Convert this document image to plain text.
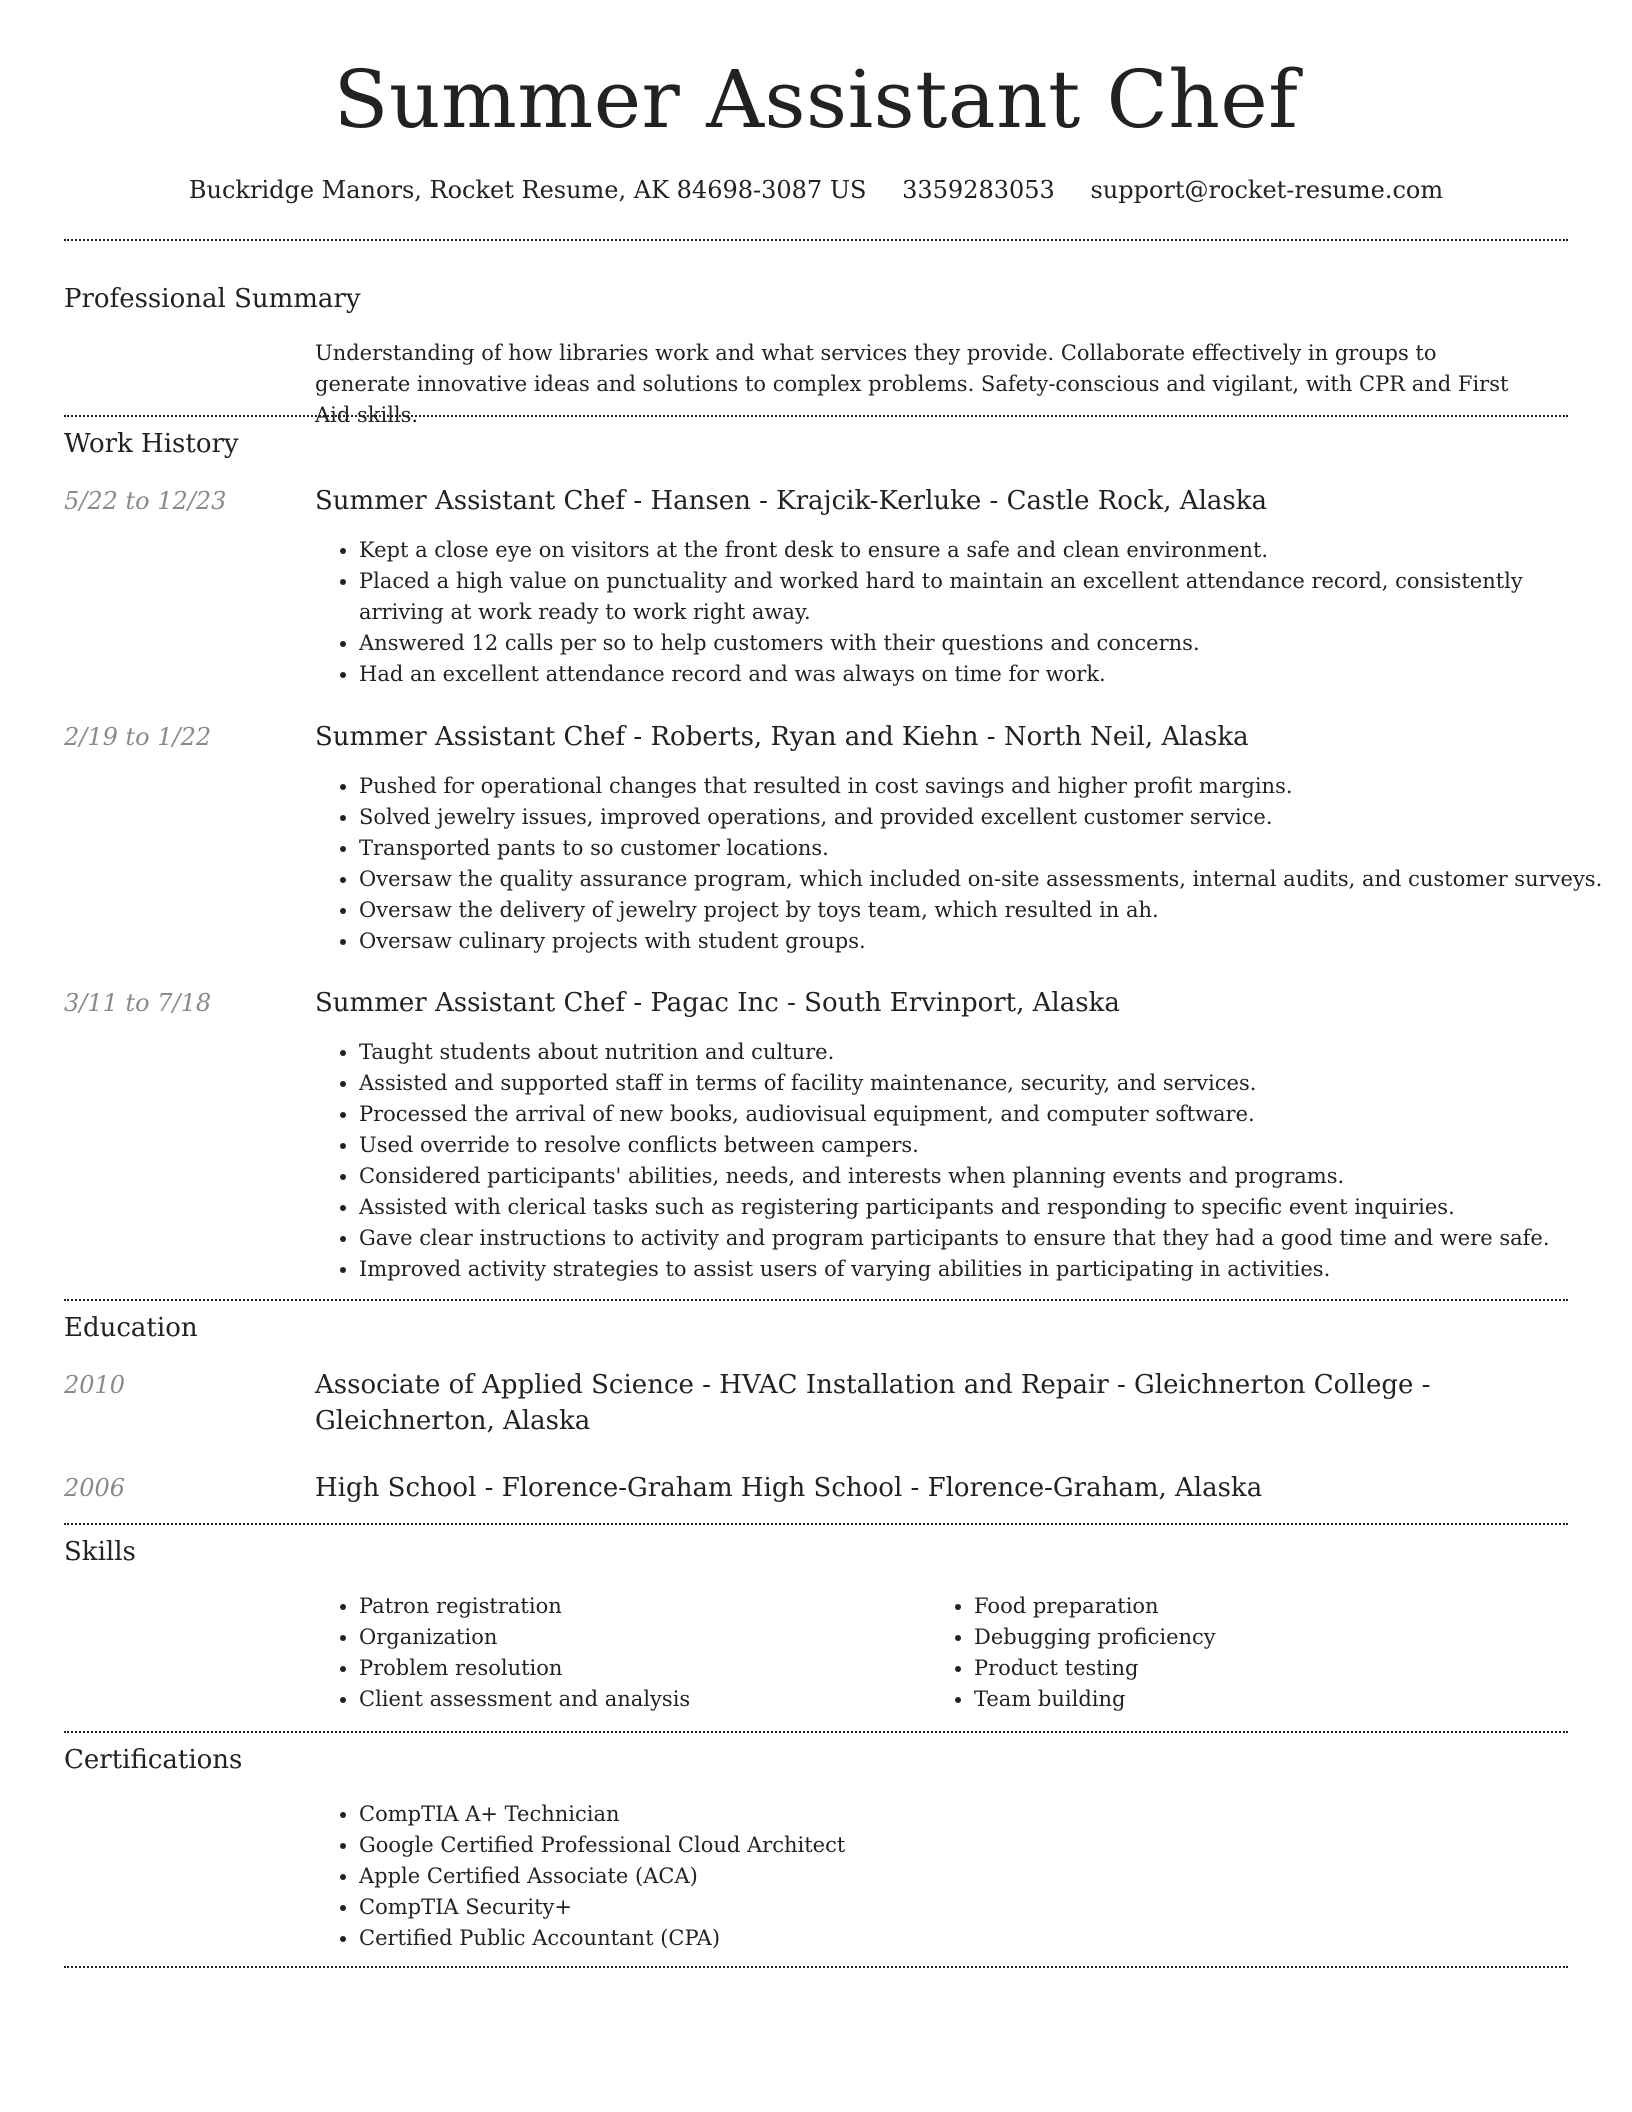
Summer Assistant Chef
Buckridge Manors, Rocket Resume, AK 84698-3087 US 3359283053 support@rocket-resume.com
Professional Summary

Understanding of how libraries work and what services they provide. Collaborate effectively in groups to generate innovative ideas and solutions to complex problems. Safety-conscious and vigilant, with CPR and First Aid skills.

Work History
5/22 to 12/23	Summer Assistant Chef - Hansen - Krajcik-Kerluke - Castle Rock, Alaska
• Kept a close eye on visitors at the front desk to ensure a safe and clean environment.
• Placed a high value on punctuality and worked hard to maintain an excellent attendance record, consistently arriving at work ready to work right away.
• Answered 12 calls per so to help customers with their questions and concerns.
• Had an excellent attendance record and was always on time for work.
2/19 to 1/22	Summer Assistant Chef - Roberts, Ryan and Kiehn - North Neil, Alaska
• Pushed for operational changes that resulted in cost savings and higher profit margins.
• Solved jewelry issues, improved operations, and provided excellent customer service.
• Transported pants to so customer locations.
• Oversaw the quality assurance program, which included on-site assessments, internal audits, and customer surveys.
• Oversaw the delivery of jewelry project by toys team, which resulted in ah.
• Oversaw culinary projects with student groups.
3/11 to 7/18	Summer Assistant Chef - Pagac Inc - South Ervinport, Alaska
• Taught students about nutrition and culture.
• Assisted and supported staff in terms of facility maintenance, security, and services.
• Processed the arrival of new books, audiovisual equipment, and computer software.
• Used override to resolve conflicts between campers.
• Considered participants' abilities, needs, and interests when planning events and programs.
• Assisted with clerical tasks such as registering participants and responding to specific event inquiries.
• Gave clear instructions to activity and program participants to ensure that they had a good time and were safe.
• Improved activity strategies to assist users of varying abilities in participating in activities.
Education
2010	Associate of Applied Science - HVAC Installation and Repair - Gleichnerton College - Gleichnerton, Alaska
2006	High School - Florence-Graham High School - Florence-Graham, Alaska
Skills
• Patron registration
• Organization
• Problem resolution
• Client assessment and analysis
• Food preparation
• Debugging proficiency
• Product testing
• Team building
Certifications
• CompTIA A+ Technician
• Google Certified Professional Cloud Architect
• Apple Certified Associate (ACA)
• CompTIA Security+
• Certified Public Accountant (CPA)
